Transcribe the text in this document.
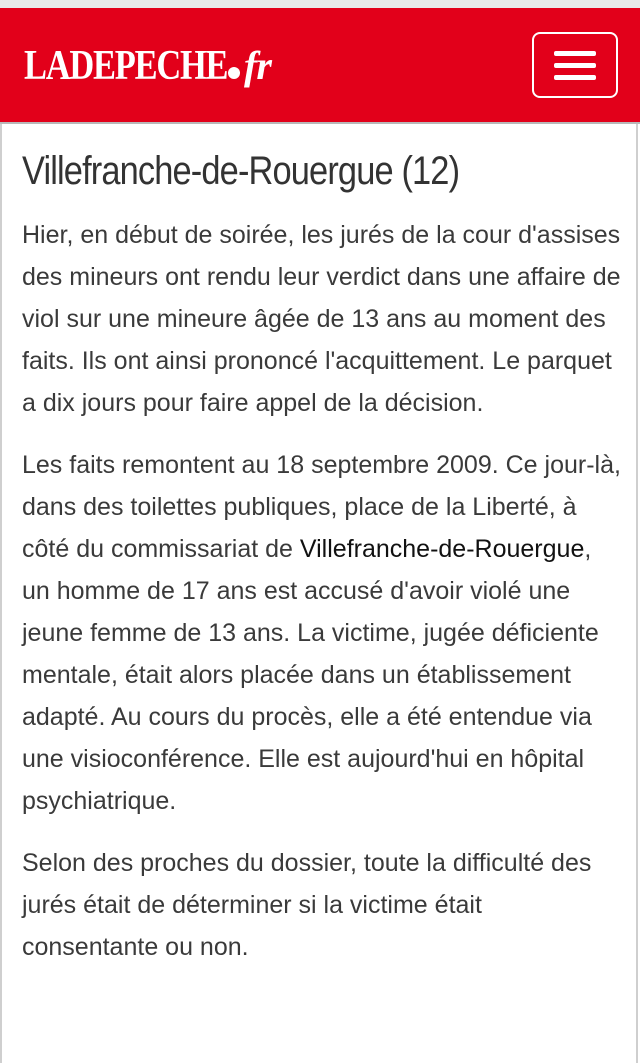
LADEPECHE fr
Villefranche-de-Rouergue (12)

Hier, en début de soirée, les jurés de la cour d'assises des mineurs ont rendu leur verdict dans une affaire de viol sur une mineure âgée de 13 ans au moment des faits. Ils ont ainsi prononcé l'acquittement. Le parquet a dix jours pour faire appel de la décision.

Les faits remontent au 18 septembre 2009. Ce jour-là, dans des toilettes publiques, place de la Liberté, à côté du commissariat de Villefranche-de-Rouergue, un homme de 17 ans est accusé d'avoir violé une jeune femme de 13 ans. La victime, jugée déficiente mentale, était alors placée dans un établissement adapté. Au cours du procès, elle a été entendue via une visioconférence. Elle est aujourd'hui en hôpital psychiatrique.

Selon des proches du dossier, toute la difficulté des jurés était de déterminer si la victime était consentante ou non.
